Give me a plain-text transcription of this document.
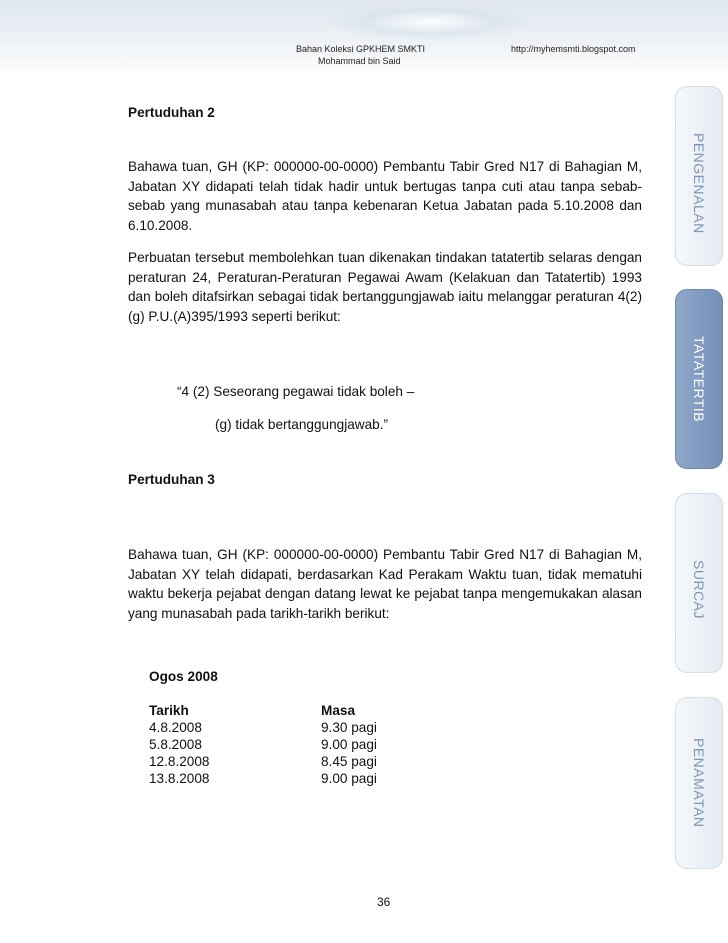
Bahan Koleksi GPKHEM SMKTI	http://myhemsmti.blogspot.com
Mohammad bin Said
Pertuduhan 2

Bahawa tuan, GH (KP: 000000-00-0000) Pembantu Tabir Gred N17 di Bahagian M, Jabatan XY didapati telah tidak hadir untuk bertugas tanpa cuti atau tanpa sebab-sebab yang munasabah atau tanpa kebenaran Ketua Jabatan pada 5.10.2008 dan 6.10.2008.

Perbuatan tersebut membolehkan tuan dikenakan tindakan tatatertib selaras dengan peraturan 24, Peraturan-Peraturan Pegawai Awam (Kelakuan dan Tatatertib) 1993 dan boleh ditafsirkan sebagai tidak bertanggungjawab iaitu melanggar peraturan 4(2)(g) P.U.(A)395/1993 seperti berikut:

“4 (2) Seseorang pegawai tidak boleh –
(g) tidak bertanggungjawab.”
Pertuduhan 3

Bahawa tuan, GH (KP: 000000-00-0000) Pembantu Tabir Gred N17 di Bahagian M, Jabatan XY telah didapati, berdasarkan Kad Perakam Waktu tuan, tidak mematuhi waktu bekerja pejabat dengan datang lewat ke pejabat tanpa mengemukakan alasan yang munasabah pada tarikh-tarikh berikut:

Ogos 2008
Tarikh	Masa
4.8.2008	9.30 pagi
5.8.2008	9.00 pagi
12.8.2008	8.45 pagi
13.8.2008	9.00 pagi
36
PENGENALAN
TATATERTIB
SURCAJ
PENAMATAN
